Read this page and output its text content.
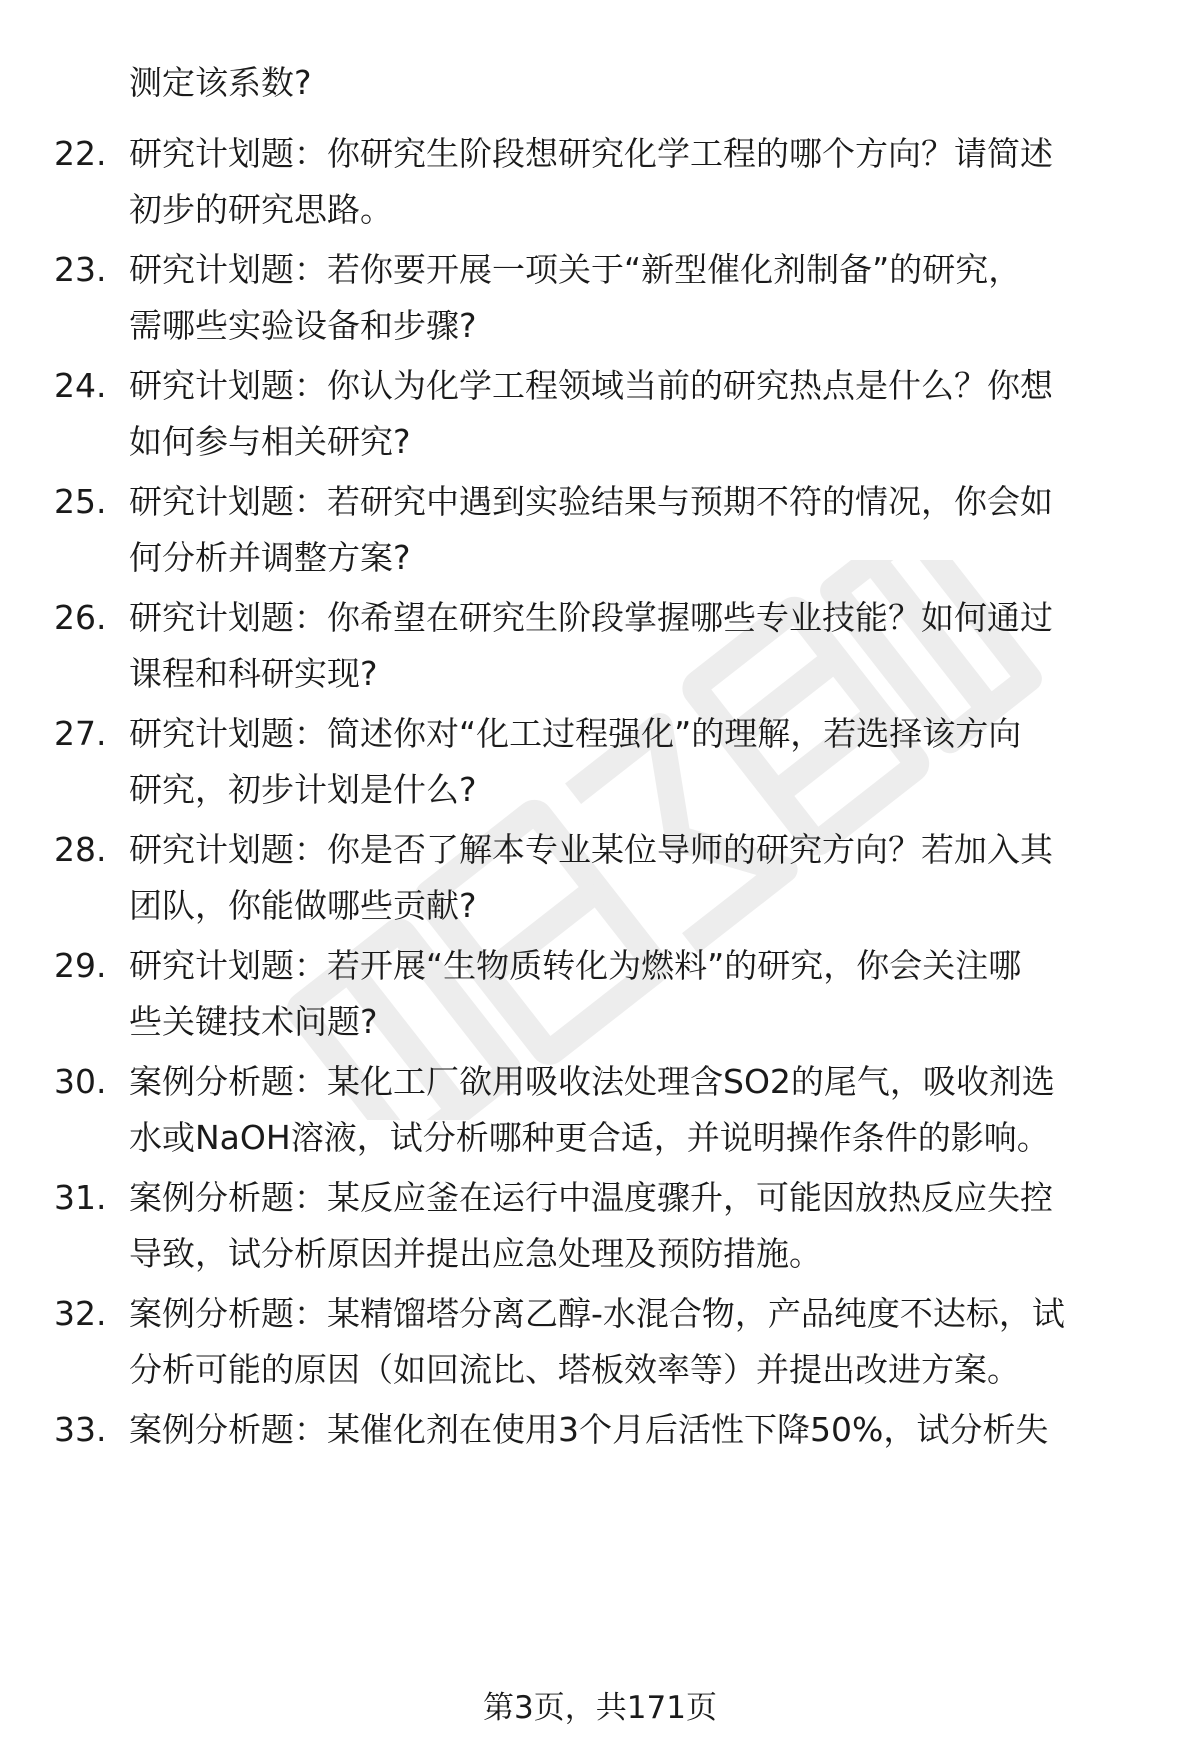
测定该系数?
22. 研究计划题：你研究生阶段想研究化学工程的哪个方向？请简述
初步的研究思路。
23. 研究计划题：若你要开展一项关于“新型催化剂制备”的研究，
需哪些实验设备和步骤?
24. 研究计划题：你认为化学工程领域当前的研究热点是什么？你想
如何参与相关研究?
25. 研究计划题：若研究中遇到实验结果与预期不符的情况，你会如
何分析并调整方案?
26. 研究计划题：你希望在研究生阶段掌握哪些专业技能？如何通过
课程和科研实现?
27. 研究计划题：简述你对“化工过程强化”的理解，若选择该方向
研究，初步计划是什么?
28. 研究计划题：你是否了解本专业某位导师的研究方向？若加入其
团队，你能做哪些贡献?
29. 研究计划题：若开展“生物质转化为燃料”的研究，你会关注哪
些关键技术问题?
30. 案例分析题：某化工厂欲用吸收法处理含SO2的尾气，吸收剂选
水或NaOH溶液，试分析哪种更合适，并说明操作条件的影响。
31. 案例分析题：某反应釜在运行中温度骤升，可能因放热反应失控
导致，试分析原因并提出应急处理及预防措施。
32. 案例分析题：某精馏塔分离乙醇-水混合物，产品纯度不达标，试
分析可能的原因（如回流比、塔板效率等）并提出改进方案。
33. 案例分析题：某催化剂在使用3个月后活性下降50%，试分析失
第3页，共171页
